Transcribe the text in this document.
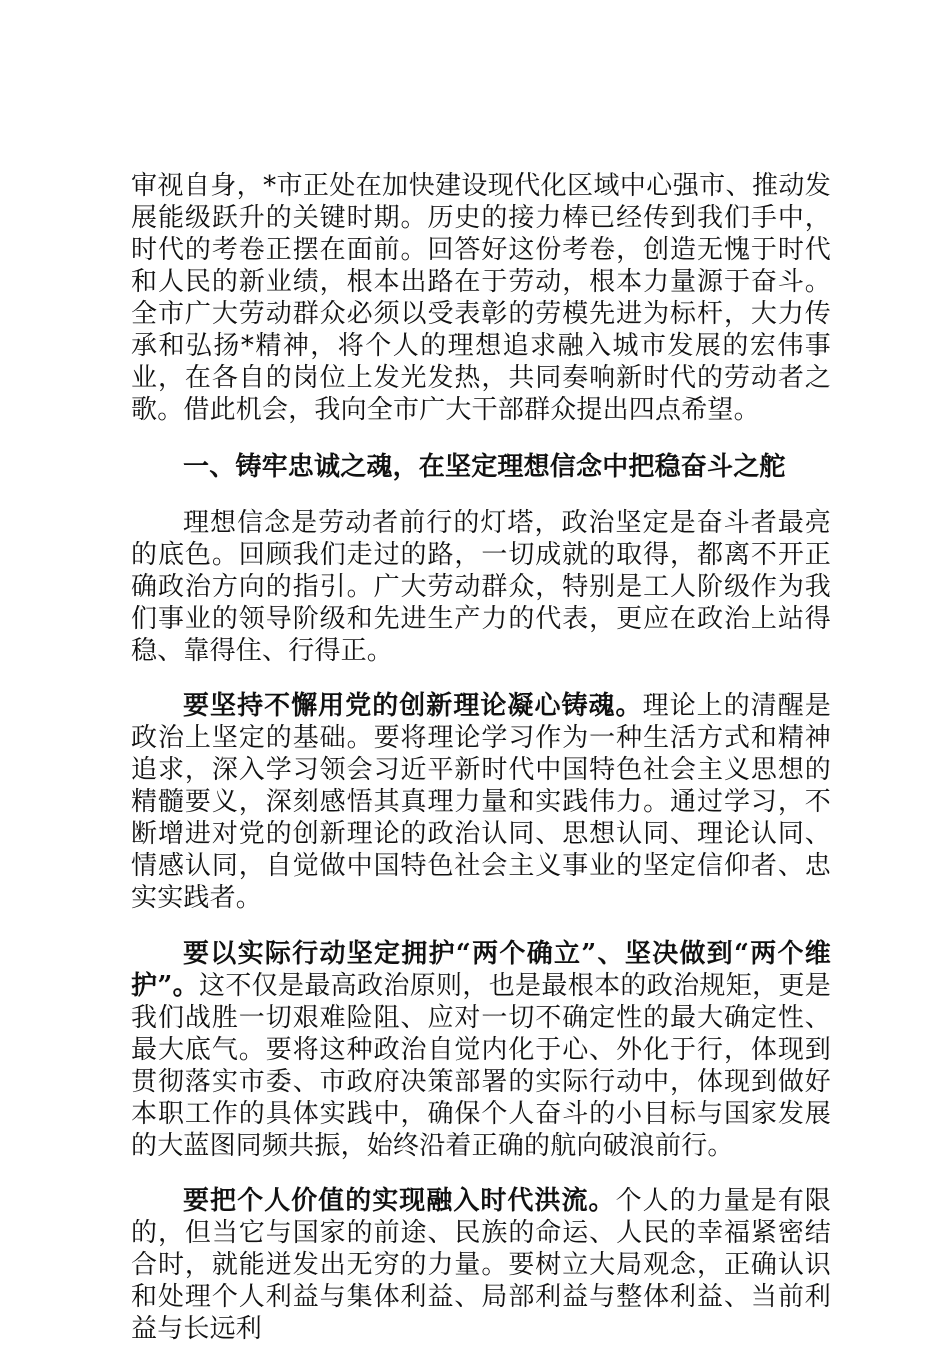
审视自身，*市正处在加快建设现代化区域中心强市、推动发展能级跃升的关键时期。历史的接力棒已经传到我们手中，时代的考卷正摆在面前。回答好这份考卷，创造无愧于时代和人民的新业绩，根本出路在于劳动，根本力量源于奋斗。全市广大劳动群众必须以受表彰的劳模先进为标杆，大力传承和弘扬*精神，将个人的理想追求融入城市发展的宏伟事业，在各自的岗位上发光发热，共同奏响新时代的劳动者之歌。借此机会，我向全市广大干部群众提出四点希望。

一、铸牢忠诚之魂，在坚定理想信念中把稳奋斗之舵

理想信念是劳动者前行的灯塔，政治坚定是奋斗者最亮的底色。回顾我们走过的路，一切成就的取得，都离不开正确政治方向的指引。广大劳动群众，特别是工人阶级作为我们事业的领导阶级和先进生产力的代表，更应在政治上站得稳、靠得住、行得正。

要坚持不懈用党的创新理论凝心铸魂。理论上的清醒是政治上坚定的基础。要将理论学习作为一种生活方式和精神追求，深入学习领会习近平新时代中国特色社会主义思想的精髓要义，深刻感悟其真理力量和实践伟力。通过学习，不断增进对党的创新理论的政治认同、思想认同、理论认同、情感认同，自觉做中国特色社会主义事业的坚定信仰者、忠实实践者。

要以实际行动坚定拥护“两个确立”、坚决做到“两个维护”。这不仅是最高政治原则，也是最根本的政治规矩，更是我们战胜一切艰难险阻、应对一切不确定性的最大确定性、最大底气。要将这种政治自觉内化于心、外化于行，体现到贯彻落实市委、市政府决策部署的实际行动中，体现到做好本职工作的具体实践中，确保个人奋斗的小目标与国家发展的大蓝图同频共振，始终沿着正确的航向破浪前行。

要把个人价值的实现融入时代洪流。个人的力量是有限的，但当它与国家的前途、民族的命运、人民的幸福紧密结合时，就能迸发出无穷的力量。要树立大局观念，正确认识和处理个人利益与集体利益、局部利益与整体利益、当前利益与长远利
